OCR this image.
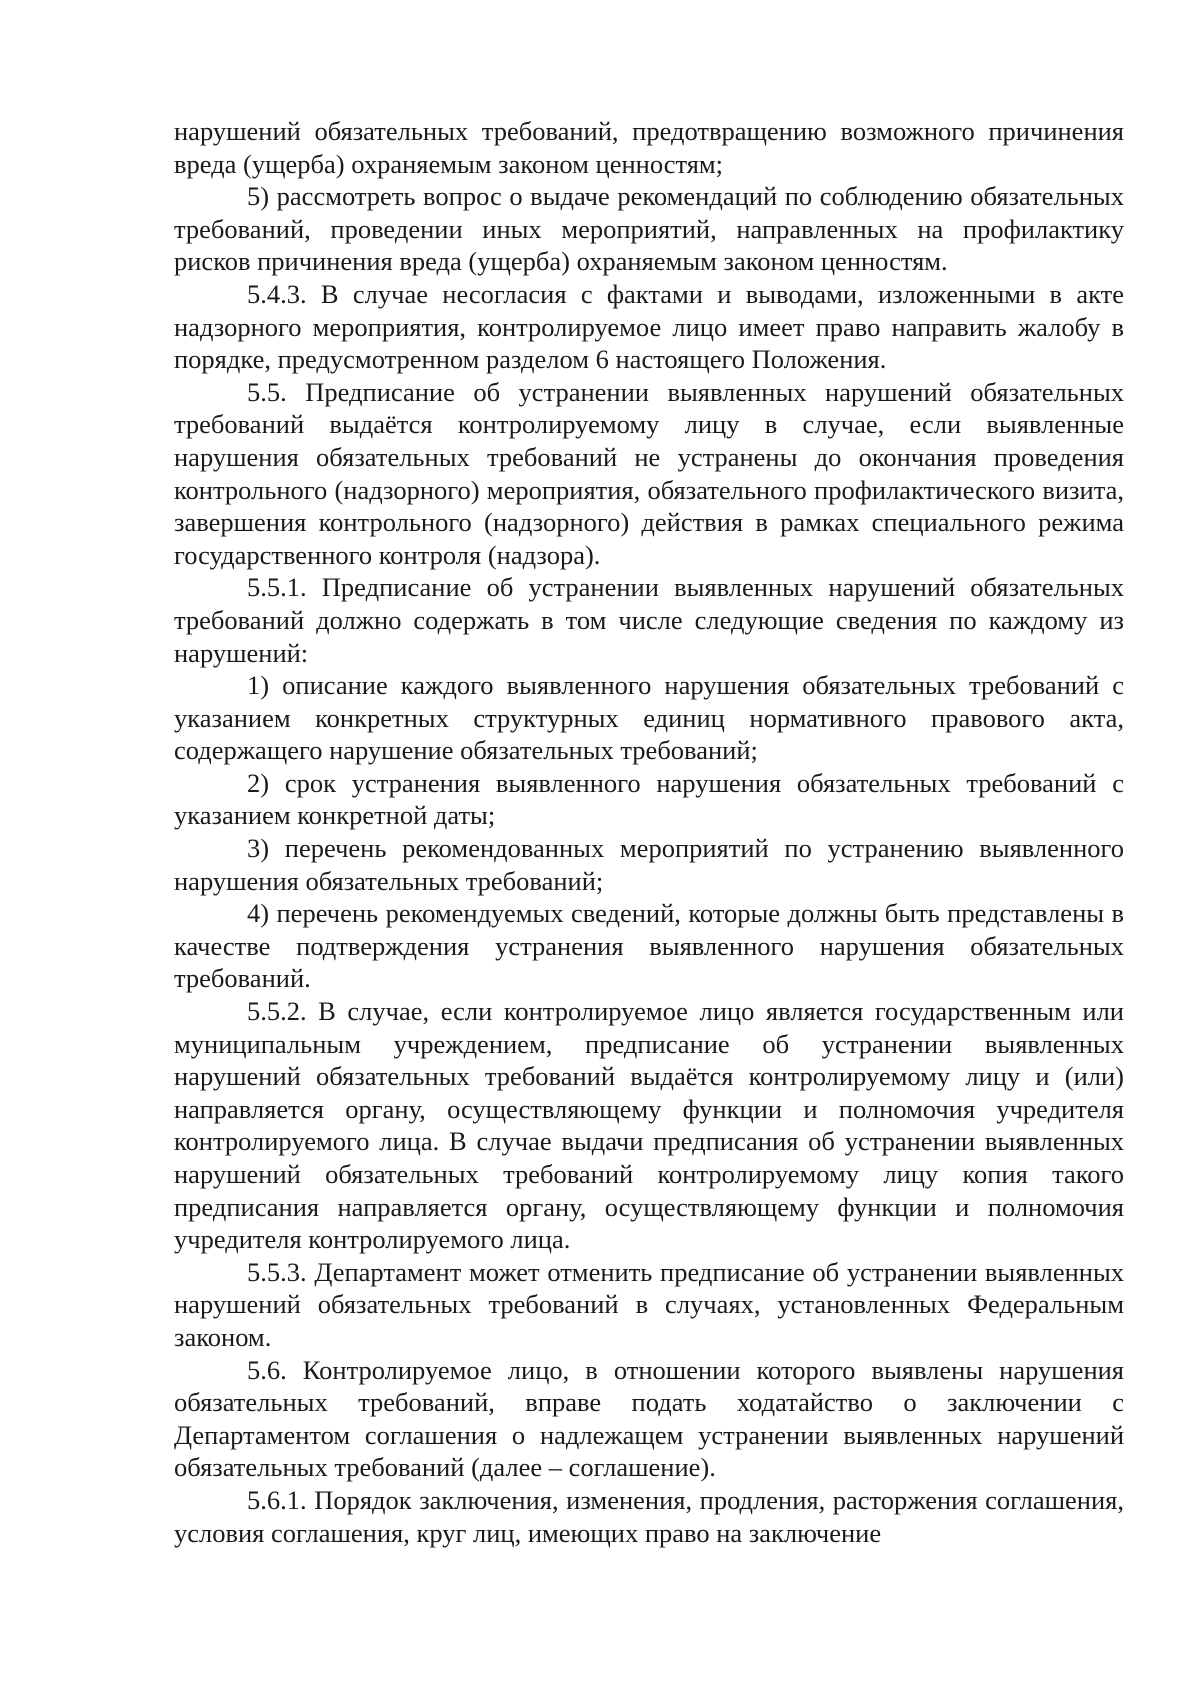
нарушений обязательных требований, предотвращению возможного причинения вреда (ущерба) охраняемым законом ценностям;

5) рассмотреть вопрос о выдаче рекомендаций по соблюдению обязательных требований, проведении иных мероприятий, направленных на профилактику рисков причинения вреда (ущерба) охраняемым законом ценностям.

5.4.3. В случае несогласия с фактами и выводами, изложенными в акте надзорного мероприятия, контролируемое лицо имеет право направить жалобу в порядке, предусмотренном разделом 6 настоящего Положения.

5.5. Предписание об устранении выявленных нарушений обязательных требований выдаётся контролируемому лицу в случае, если выявленные нарушения обязательных требований не устранены до окончания проведения контрольного (надзорного) мероприятия, обязательного профилактического визита, завершения контрольного (надзорного) действия в рамках специального режима государственного контроля (надзора).

5.5.1. Предписание об устранении выявленных нарушений обязательных требований должно содержать в том числе следующие сведения по каждому из нарушений:

1) описание каждого выявленного нарушения обязательных требований с указанием конкретных структурных единиц нормативного правового акта, содержащего нарушение обязательных требований;

2) срок устранения выявленного нарушения обязательных требований с указанием конкретной даты;

3) перечень рекомендованных мероприятий по устранению выявленного нарушения обязательных требований;

4) перечень рекомендуемых сведений, которые должны быть представлены в качестве подтверждения устранения выявленного нарушения обязательных требований.

5.5.2. В случае, если контролируемое лицо является государственным или муниципальным учреждением, предписание об устранении выявленных нарушений обязательных требований выдаётся контролируемому лицу и (или) направляется органу, осуществляющему функции и полномочия учредителя контролируемого лица. В случае выдачи предписания об устранении выявленных нарушений обязательных требований контролируемому лицу копия такого предписания направляется органу, осуществляющему функции и полномочия учредителя контролируемого лица.

5.5.3. Департамент может отменить предписание об устранении выявленных нарушений обязательных требований в случаях, установленных Федеральным законом.

5.6. Контролируемое лицо, в отношении которого выявлены нарушения обязательных требований, вправе подать ходатайство о заключении с Департаментом соглашения о надлежащем устранении выявленных нарушений обязательных требований (далее – соглашение).

5.6.1. Порядок заключения, изменения, продления, расторжения соглашения, условия соглашения, круг лиц, имеющих право на заключение
